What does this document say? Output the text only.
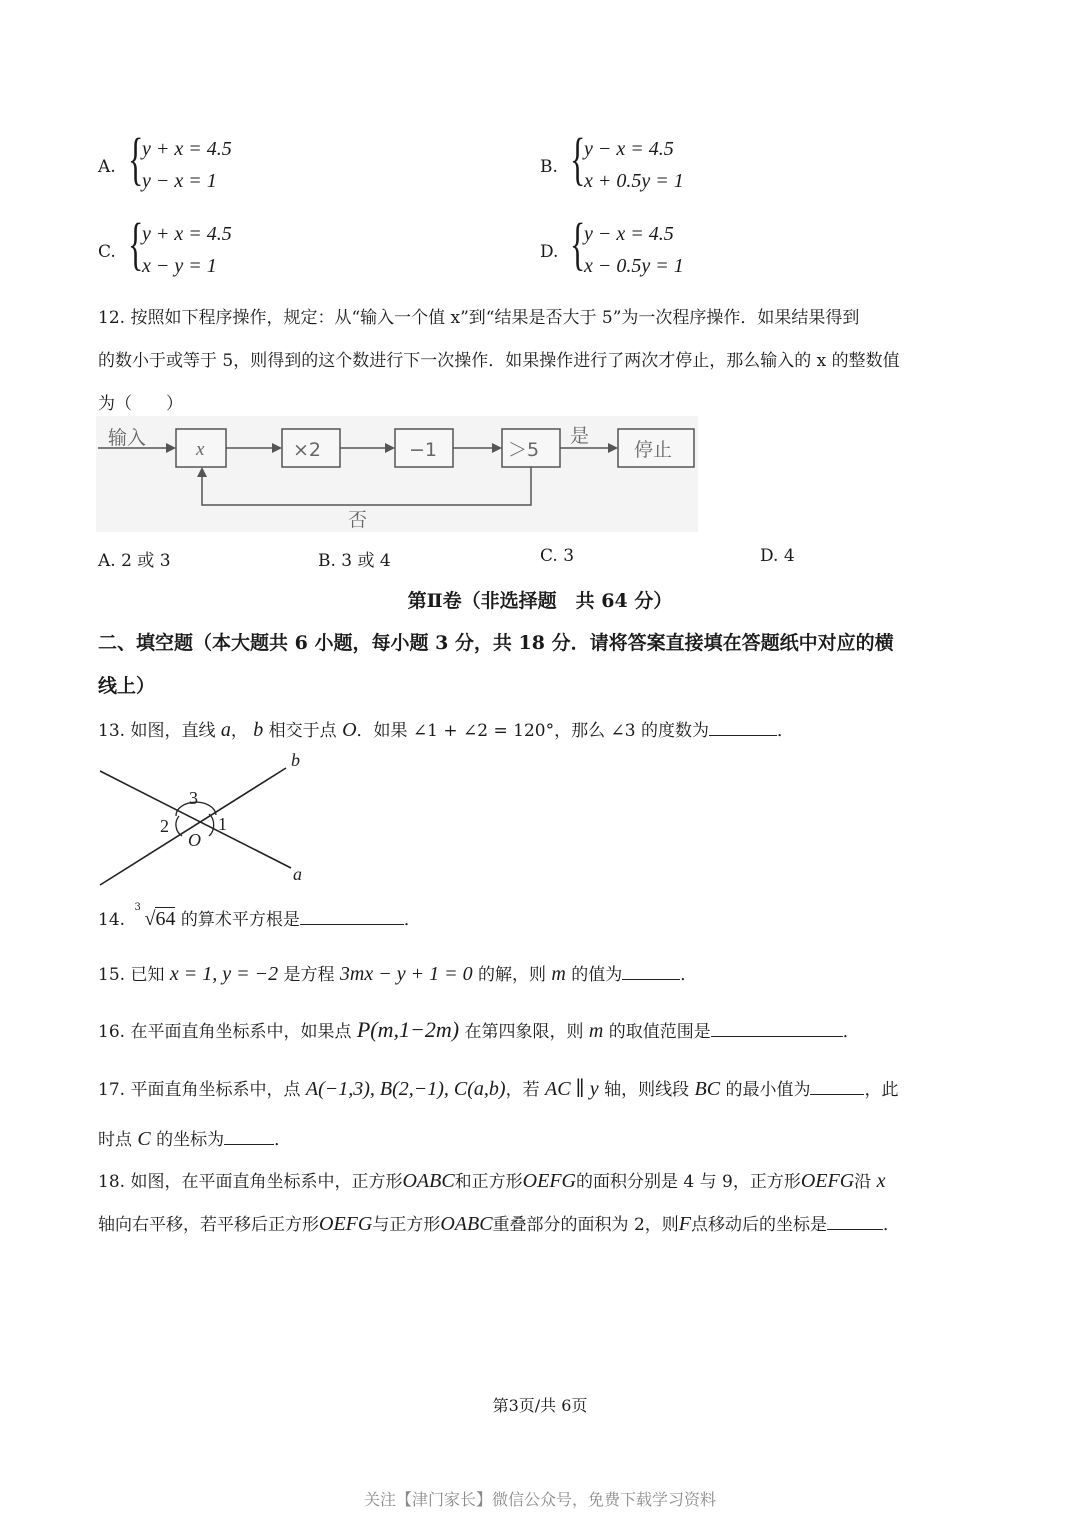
A. {
y + x = 4.5
y − x = 1
B. {
y − x = 4.5
x + 0.5y = 1
C. {
y + x = 4.5
x − y = 1
D. {
y − x = 4.5
x − 0.5y = 1
12. 按照如下程序操作，规定：从“输入一个值 x”到“结果是否大于 5”为一次程序操作．如果结果得到
的数小于或等于 5，则得到的这个数进行下一次操作．如果操作进行了两次才停止，那么输入的 x 的整数值
为（　　）
输入
x	×2	−1	＞5
是
停止
否
A. 2 或 3	B. 3 或 4	C. 3	D. 4
第Ⅱ卷（非选择题　共 64 分）
二、填空题（本大题共 6 小题，每小题 3 分，共 18 分．请将答案直接填在答题纸中对应的横
线上）
13. 如图，直线 a， b 相交于点 O．如果 ∠1 + ∠2 = 120°，那么 ∠3 的度数为	．
b
a
3
2	1
O
14.
3
√64 的算术平方根是	．
15. 已知 x = 1, y = −2 是方程 3mx − y + 1 = 0 的解，则 m 的值为	．
16. 在平面直角坐标系中，如果点 P(m,1−2m) 在第四象限，则 m 的取值范围是	．
17. 平面直角坐标系中，点 A(−1,3), B(2,−1), C(a,b)，若 AC ∥ y 轴，则线段 BC 的最小值为	，此
时点 C 的坐标为	．
18. 如图，在平面直角坐标系中，正方形OABC和正方形OEFG的面积分别是 4 与 9，正方形OEFG沿 x
轴向右平移，若平移后正方形OEFG与正方形OABC重叠部分的面积为 2，则F点移动后的坐标是	．
第3页/共 6页
关注【津门家长】微信公众号，免费下载学习资料
